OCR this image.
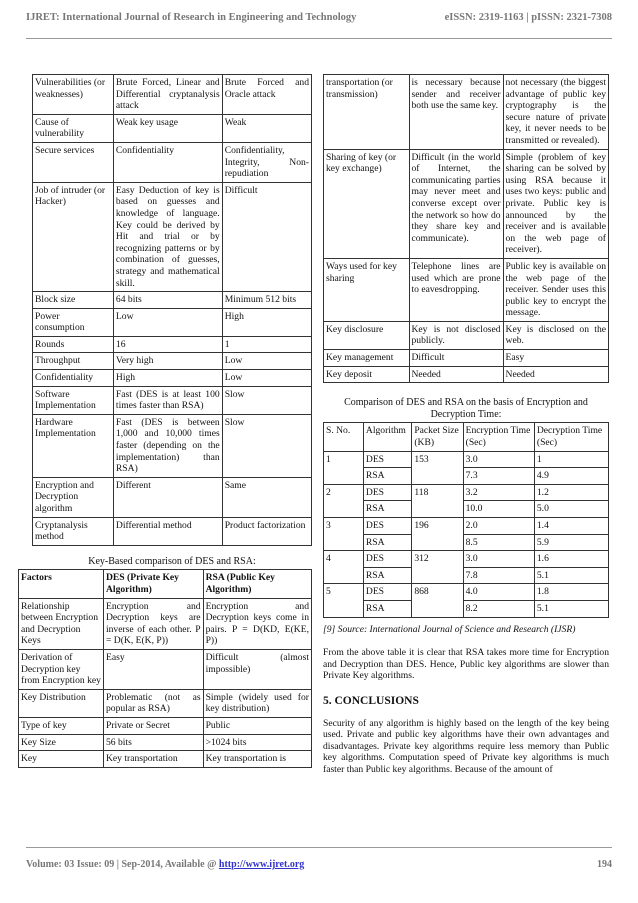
IJRET: International Journal of Research in Engineering and Technology	eISSN: 2319-1163 | pISSN: 2321-7308
Vulnerabilities (or weaknesses)	Brute Forced, Linear and Differential cryptanalysis attack	Brute Forced and Oracle attack
Cause of vulnerability	Weak key usage	Weak
Secure services	Confidentiality	Confidentiality, Integrity, Non-repudiation
Job of intruder (or Hacker)	Easy Deduction of key is based on guesses and knowledge of language. Key could be derived by Hit and trial or by recognizing patterns or by combination of guesses, strategy and mathematical skill.	Difficult
Block size	64 bits	Minimum 512 bits
Power consumption	Low	High
Rounds	16	1
Throughput	Very high	Low
Confidentiality	High	Low
Software Implementation	Fast (DES is at least 100 times faster than RSA)	Slow
Hardware Implementation	Fast (DES is between 1,000 and 10,000 times faster (depending on the implementation) than RSA)	Slow
Encryption and Decryption algorithm	Different	Same
Cryptanalysis method	Differential method	Product factorization
Key-Based comparison of DES and RSA:
Factors	DES (Private Key Algorithm)	RSA (Public Key Algorithm)
Relationship between Encryption and Decryption Keys	Encryption and Decryption keys are inverse of each other. P = D(K, E(K, P))	Encryption and Decryption keys come in pairs. P = D(KD, E(KE, P))
Derivation of Decryption key from Encryption key	Easy	Difficult (almost impossible)
Key Distribution	Problematic (not as popular as RSA)	Simple (widely used for key distribution)
Type of key	Private or Secret	Public
Key Size	56 bits	>1024 bits
Key	Key transportation	Key transportation is
transportation (or transmission)	is necessary because sender and receiver both use the same key.	not necessary (the biggest advantage of public key cryptography is the secure nature of private key, it never needs to be transmitted or revealed).
Sharing of key (or key exchange)	Difficult (in the world of Internet, the communicating parties may never meet and converse except over the network so how do they share key and communicate).	Simple (problem of key sharing can be solved by using RSA because it uses two keys: public and private. Public key is announced by the receiver and is available on the web page of receiver).
Ways used for key sharing	Telephone lines are used which are prone to eavesdropping.	Public key is available on the web page of the receiver. Sender uses this public key to encrypt the message.
Key disclosure	Key is not disclosed publicly.	Key is disclosed on the web.
Key management	Difficult	Easy
Key deposit	Needed	Needed
Comparison of DES and RSA on the basis of Encryption and Decryption Time:
S. No.	Algorithm	Packet Size (KB)	Encryption Time (Sec)	Decryption Time (Sec)
1	DES	153	3.0	1
	RSA		7.3	4.9
2	DES	118	3.2	1.2
	RSA		10.0	5.0
3	DES	196	2.0	1.4
	RSA		8.5	5.9
4	DES	312	3.0	1.6
	RSA		7.8	5.1
5	DES	868	4.0	1.8
	RSA		8.2	5.1
[9] Source: International Journal of Science and Research (IJSR)
From the above table it is clear that RSA takes more time for Encryption and Decryption than DES. Hence, Public key algorithms are slower than Private Key algorithms.
5. CONCLUSIONS
Security of any algorithm is highly based on the length of the key being used. Private and public key algorithms have their own advantages and disadvantages. Private key algorithms require less memory than Public key algorithms. Computation speed of Private key algorithms is much faster than Public key algorithms. Because of the amount of
Volume: 03 Issue: 09 | Sep-2014, Available @ http://www.ijret.org	194
